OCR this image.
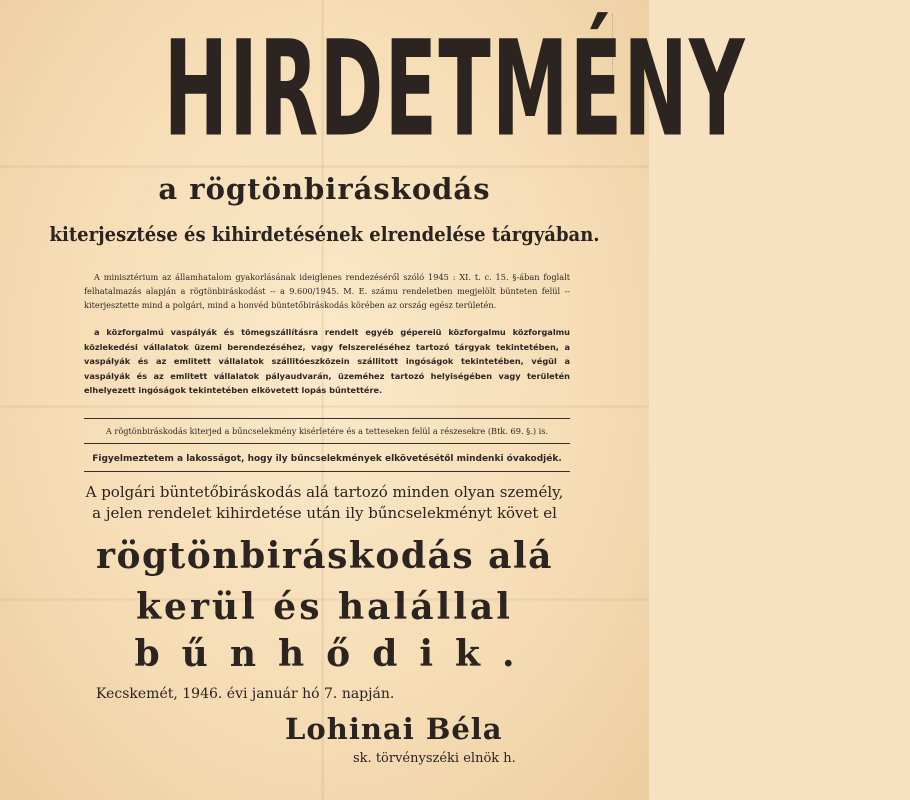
HIRDETMÉNY
a rögtönbiráskodás
kiterjesztése és kihirdetésének elrendelése tárgyában.
A minisztérium az államhatalom gyakorlásának ideiglenes rendezéséről szóló 1945 : XI. t. c. 15. §-ában foglalt felhatalmazás alapján a rögtönbiráskodást -- a 9.600/1945. M. E. számu rendeletben megjelölt bünteten felül -- kiterjesztette mind a polgári, mind a honvéd büntetőbiráskodás körében az ország egész területén.
a közforgalmú vaspályák és tömegszállításra rendelt egyéb gépereiü közforgalmu közforgalmu közlekedési vállalatok üzemi berendezéséhez, vagy felszereléséhez tartozó tárgyak tekintetében, a vaspályák és az emlitett vállalatok szállitóeszközein szállitott ingóságok tekintetében, végül a vaspályák és az emlitett vállalatok pályaudvarán, üzeméhez tartozó helyiségében vagy területén elhelyezett ingóságok tekintetében elkövetett lopás bűntettére.
A rögtönbiráskodás kiterjed a bűncselekmény kisérletére és a tetteseken felül a részesekre (Btk. 69. §.) is.
Figyelmeztetem a lakosságot, hogy ily bűncselekmények elkövetésétől mindenki óvakodjék.
A polgári büntetőbiráskodás alá tartozó minden olyan személy,
a jelen rendelet kihirdetése után ily bűncselekményt követ el
rögtönbiráskodás alá
kerül és halállal
bűnhődik.
Kecskemét, 1946. évi január hó 7. napján.
Lohinai Béla
sk. törvényszéki elnök h.
